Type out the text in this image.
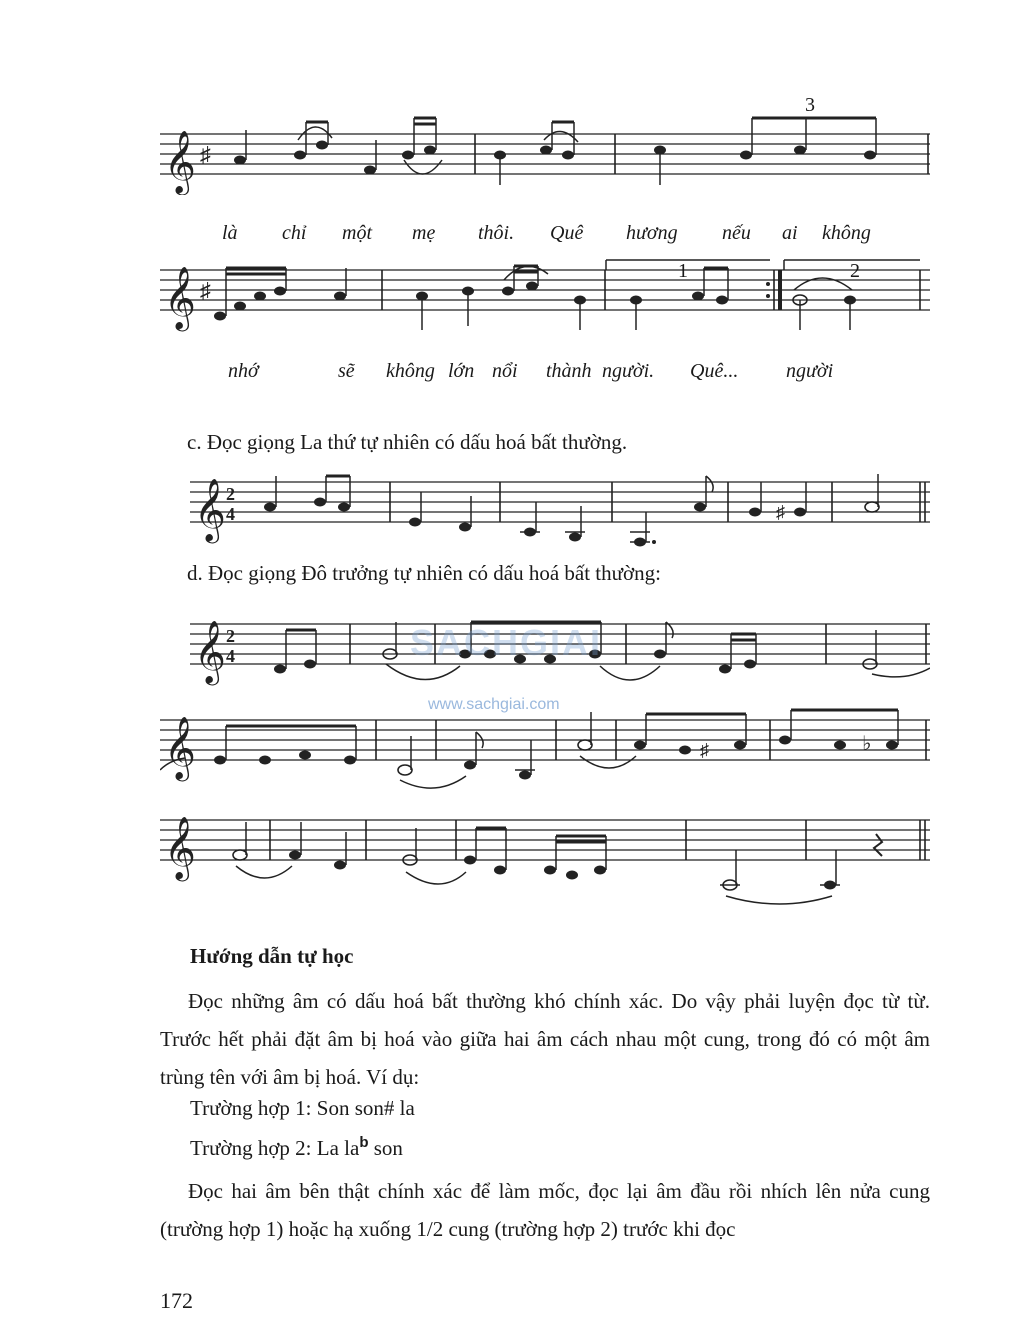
𝄞 ♯
3
là chỉ một mẹ thôi. Quê hương nếu ai không
𝄞 ♯
1	2
nhớ	sẽ không lớn nổi thành người. Quê... người
c. Đọc giọng La thứ tự nhiên có dấu hoá bất thường.
𝄞 2
4	♯
d. Đọc giọng Đô trưởng tự nhiên có dấu hoá bất thường:
𝄞 2
4	SACHGIAI
www.sachgiai.com
𝄞	♯	♭
𝄞
Hướng dẫn tự học

Đọc những âm có dấu hoá bất thường khó chính xác. Do vậy phải luyện đọc từ từ. Trước hết phải đặt âm bị hoá vào giữa hai âm cách nhau một cung, trong đó có một âm trùng tên với âm bị hoá. Ví dụ:

Trường hợp 1: Son son# la
Trường hợp 2: La $la^b$ son

Đọc hai âm bên thật chính xác để làm mốc, đọc lại âm đầu rồi nhích lên nửa cung (trường hợp 1) hoặc hạ xuống 1/2 cung (trường hợp 2) trước khi đọc

172
